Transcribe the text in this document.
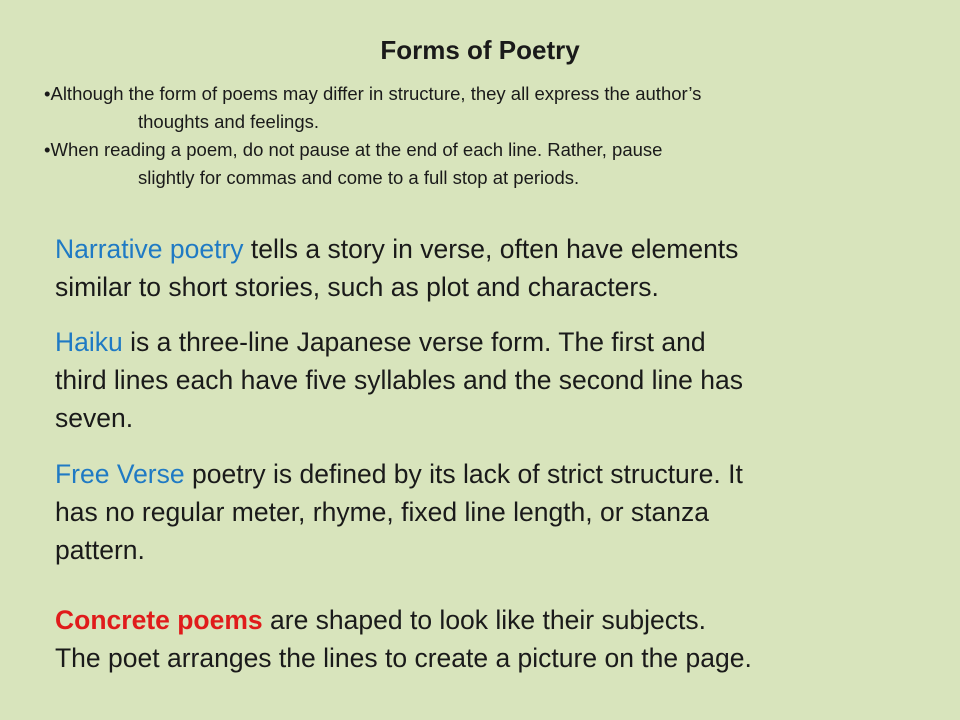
Forms of Poetry

•Although the form of poems may differ in structure, they all express the author’s
thoughts and feelings.

•When reading a poem, do not pause at the end of each line. Rather, pause
slightly for commas and come to a full stop at periods.

Narrative poetry tells a story in verse, often have elements
similar to short stories, such as plot and characters.

Haiku is a three-line Japanese verse form. The first and
third lines each have five syllables and the second line has
seven.

Free Verse poetry is defined by its lack of strict structure. It
has no regular meter, rhyme, fixed line length, or stanza
pattern.

Concrete poems are shaped to look like their subjects.
The poet arranges the lines to create a picture on the page.
